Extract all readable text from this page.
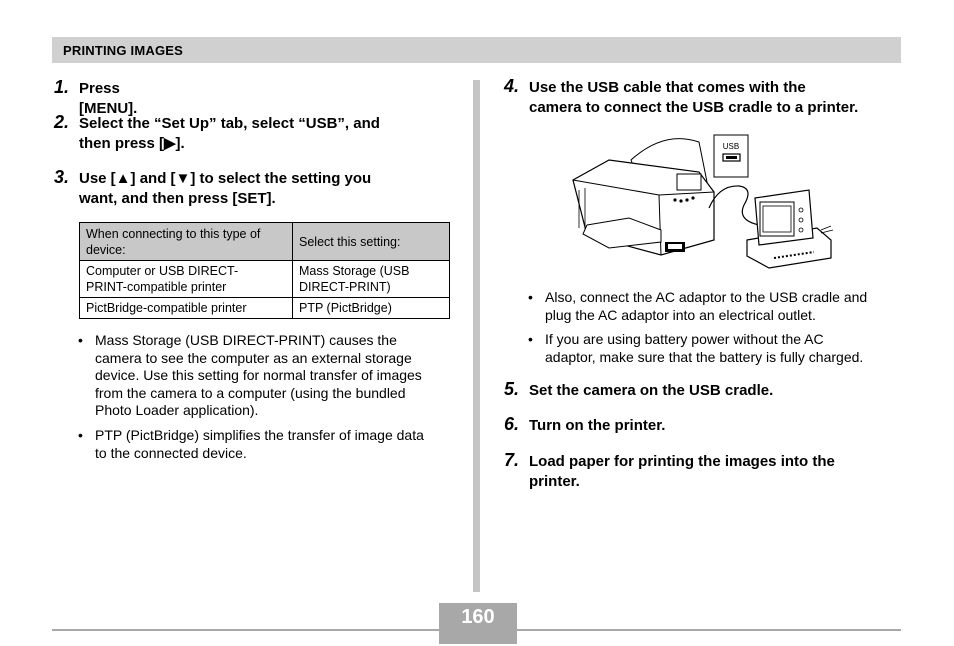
PRINTING IMAGES
1. Press [MENU].
2. Select the “Set Up” tab, select “USB”, and
then press [▶].
3. Use [▲] and [▼] to select the setting you
want, and then press [SET].
When connecting to this type of
device:	Select this setting:
Computer or USB DIRECT-
PRINT-compatible printer	Mass Storage (USB
DIRECT-PRINT)
PictBridge-compatible printer	PTP (PictBridge)
• Mass Storage (USB DIRECT-PRINT) causes the
camera to see the computer as an external storage
device. Use this setting for normal transfer of images
from the camera to a computer (using the bundled
Photo Loader application).
• PTP (PictBridge) simplifies the transfer of image data
to the connected device.
4. Use the USB cable that comes with the
camera to connect the USB cradle to a printer.
USB
• Also, connect the AC adaptor to the USB cradle and
plug the AC adaptor into an electrical outlet.
• If you are using battery power without the AC
adaptor, make sure that the battery is fully charged.
5. Set the camera on the USB cradle.
6. Turn on the printer.
7. Load paper for printing the images into the
printer.
160
